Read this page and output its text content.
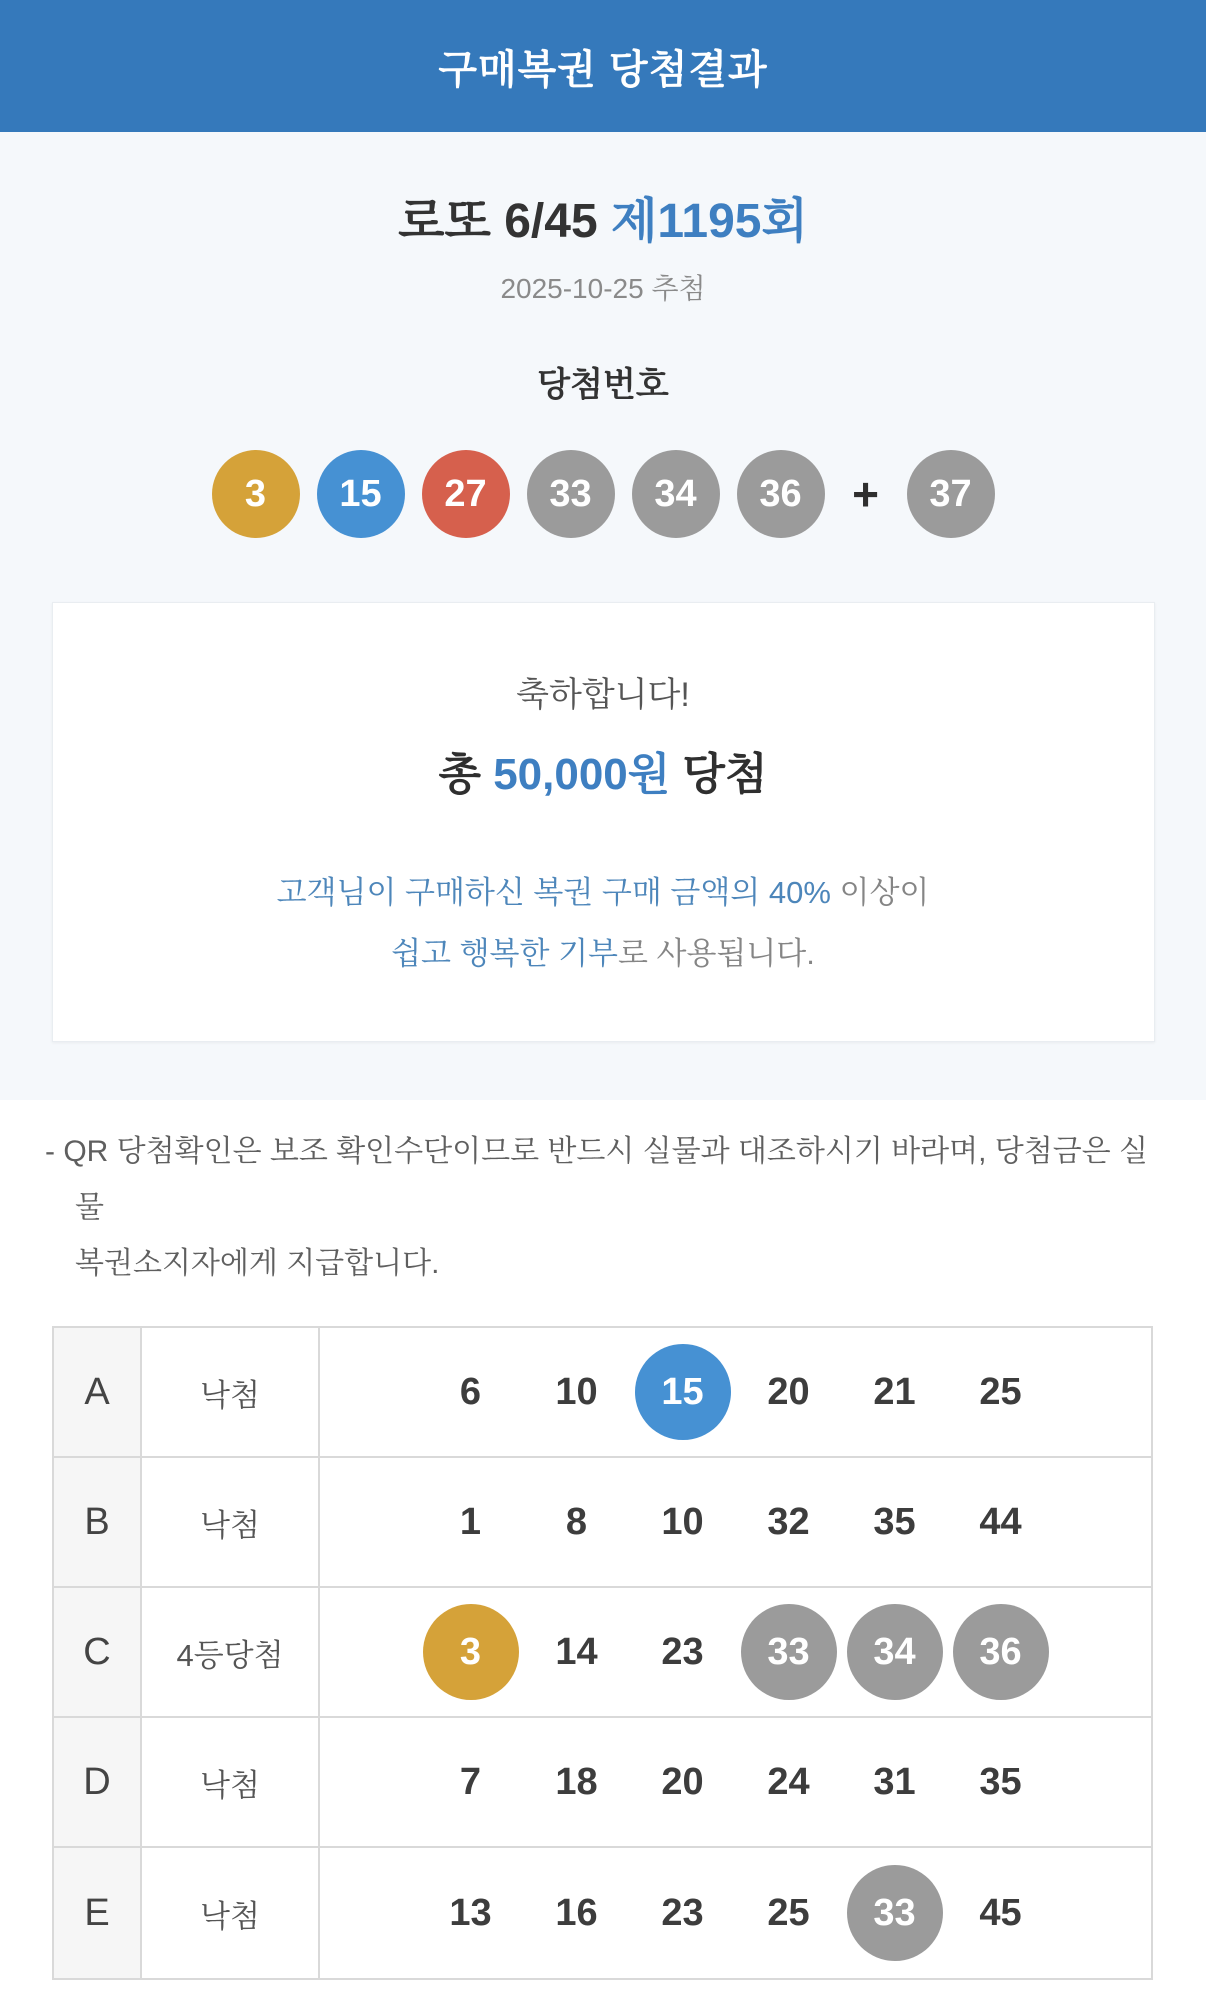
구매복권 당첨결과
로또 6/45 제1195회
2025-10-25 추첨
당첨번호
3 15 27 33 34 36 + 37
축하합니다!
총 50,000원 당첨
고객님이 구매하신 복권 구매 금액의 40% 이상이
쉽고 행복한 기부로 사용됩니다.

- QR 당첨확인은 보조 확인수단이므로 반드시 실물과 대조하시기 바라며, 당첨금은 실물
복권소지자에게 지급합니다.

A	낙첨	6	10	15	20	21	25
B	낙첨	1	8	10	32	35	44
C	4등당첨	3	14	23	33	34	36
D	낙첨	7	18	20	24	31	35
E	낙첨	13	16	23	25	33	45
